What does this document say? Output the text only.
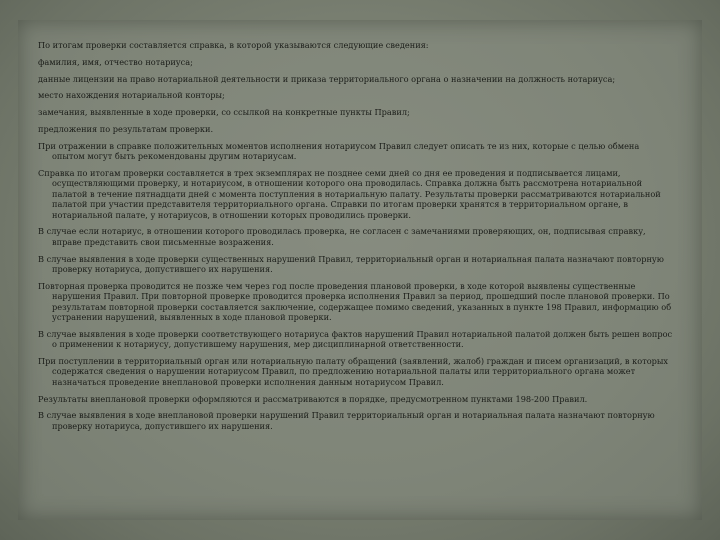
По итогам проверки составляется справка, в которой указываются следующие сведения:

фамилия, имя, отчество нотариуса;

данные лицензии на право нотариальной деятельности и приказа территориального органа о назначении на должность нотариуса;

место нахождения нотариальной конторы;

замечания, выявленные в ходе проверки, со ссылкой на конкретные пункты Правил;

предложения по результатам проверки.

При отражении в справке положительных моментов исполнения нотариусом Правил следует описать те из них, которые с целью обмена опытом могут быть рекомендованы другим нотариусам.

Справка по итогам проверки составляется в трех экземплярах не позднее семи дней со дня ее проведения и подписывается лицами, осуществляющими проверку, и нотариусом, в отношении которого она проводилась. Справка должна быть рассмотрена нотариальной палатой в течение пятнадцати дней с момента поступления в нотариальную палату. Результаты проверки рассматриваются нотариальной палатой при участии представителя территориального органа. Справки по итогам проверки хранятся в территориальном органе, в нотариальной палате, у нотариусов, в отношении которых проводились проверки.

В случае если нотариус, в отношении которого проводилась проверка, не согласен с замечаниями проверяющих, он, подписывая справку, вправе представить свои письменные возражения.

В случае выявления в ходе проверки существенных нарушений Правил, территориальный орган и нотариальная палата назначают повторную проверку нотариуса, допустившего их нарушения.

Повторная проверка проводится не позже чем через год после проведения плановой проверки, в ходе которой выявлены существенные нарушения Правил. При повторной проверке проводится проверка исполнения Правил за период, прошедший после плановой проверки. По результатам повторной проверки составляется заключение, содержащее помимо сведений, указанных в пункте 198 Правил, информацию об устранении нарушений, выявленных в ходе плановой проверки.

В случае выявления в ходе проверки соответствующего нотариуса фактов нарушений Правил нотариальной палатой должен быть решен вопрос о применении к нотариусу, допустившему нарушения, мер дисциплинарной ответственности.

При поступлении в территориальный орган или нотариальную палату обращений (заявлений, жалоб) граждан и писем организаций, в которых содержатся сведения о нарушении нотариусом Правил, по предложению нотариальной палаты или территориального органа может назначаться проведение внеплановой проверки исполнения данным нотариусом Правил.

Результаты внеплановой проверки оформляются и рассматриваются в порядке, предусмотренном пунктами 198-200 Правил.

В случае выявления в ходе внеплановой проверки нарушений Правил территориальный орган и нотариальная палата назначают повторную проверку нотариуса, допустившего их нарушения.
